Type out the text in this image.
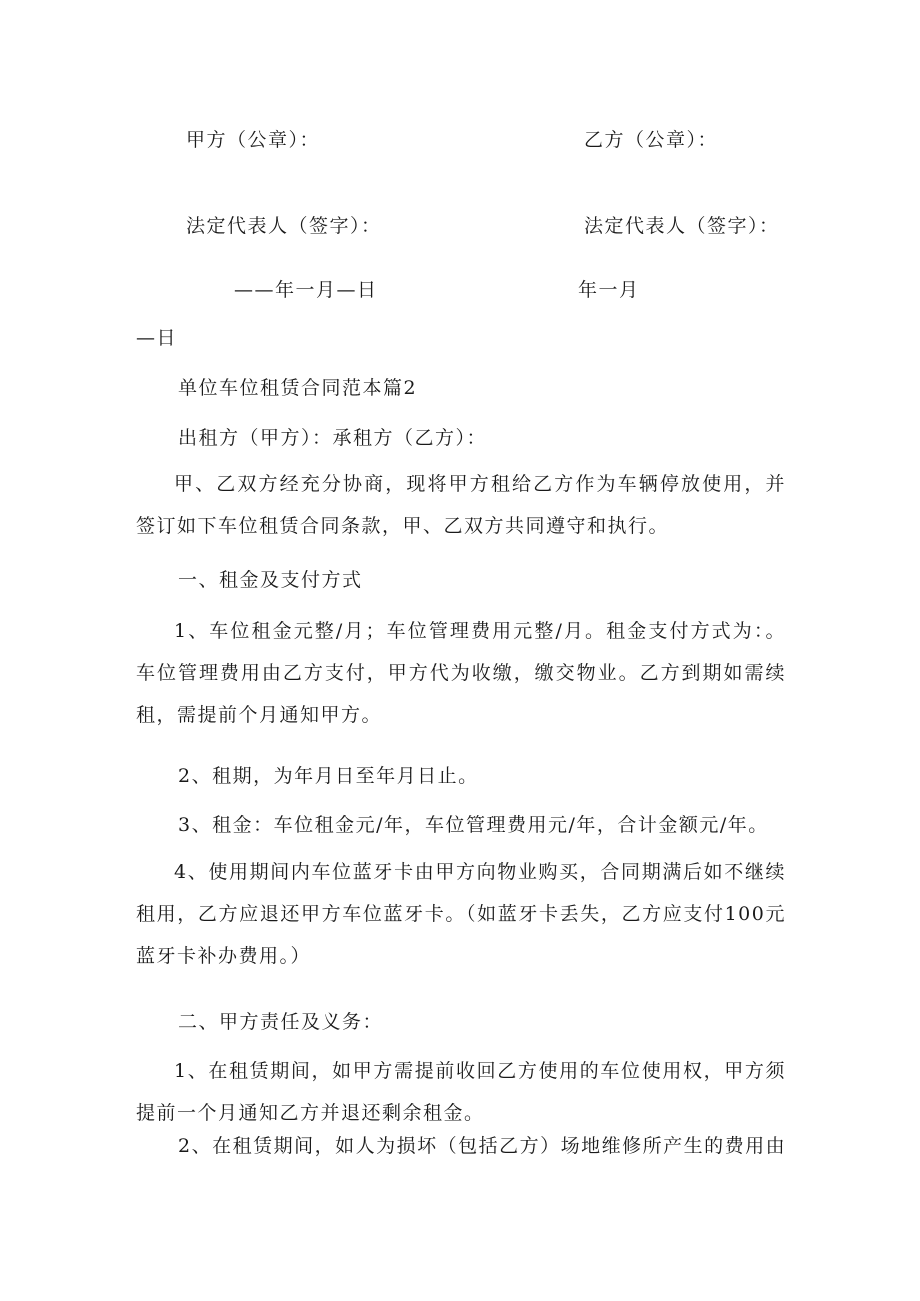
甲方（公章）：	乙方（公章）：
法定代表人（签字）：	法定代表人（签字）：
——年一月—日	年一月
—日
单位车位租赁合同范本篇2
出租方（甲方）：承租方（乙方）：
甲、乙双方经充分协商，现将甲方租给乙方作为车辆停放使用，并签订如下车位租赁合同条款，甲、乙双方共同遵守和执行。
一、租金及支付方式
1、车位租金元整/月；车位管理费用元整/月。租金支付方式为：。车位管理费用由乙方支付，甲方代为收缴，缴交物业。乙方到期如需续租，需提前个月通知甲方。
2、租期，为年月日至年月日止。
3、租金：车位租金元/年，车位管理费用元/年，合计金额元/年。
4、使用期间内车位蓝牙卡由甲方向物业购买，合同期满后如不继续租用，乙方应退还甲方车位蓝牙卡。（如蓝牙卡丢失，乙方应支付100元蓝牙卡补办费用。）
二、甲方责任及义务：
1、在租赁期间，如甲方需提前收回乙方使用的车位使用权，甲方须提前一个月通知乙方并退还剩余租金。
2、在租赁期间，如人为损坏（包括乙方）场地维修所产生的费用由
